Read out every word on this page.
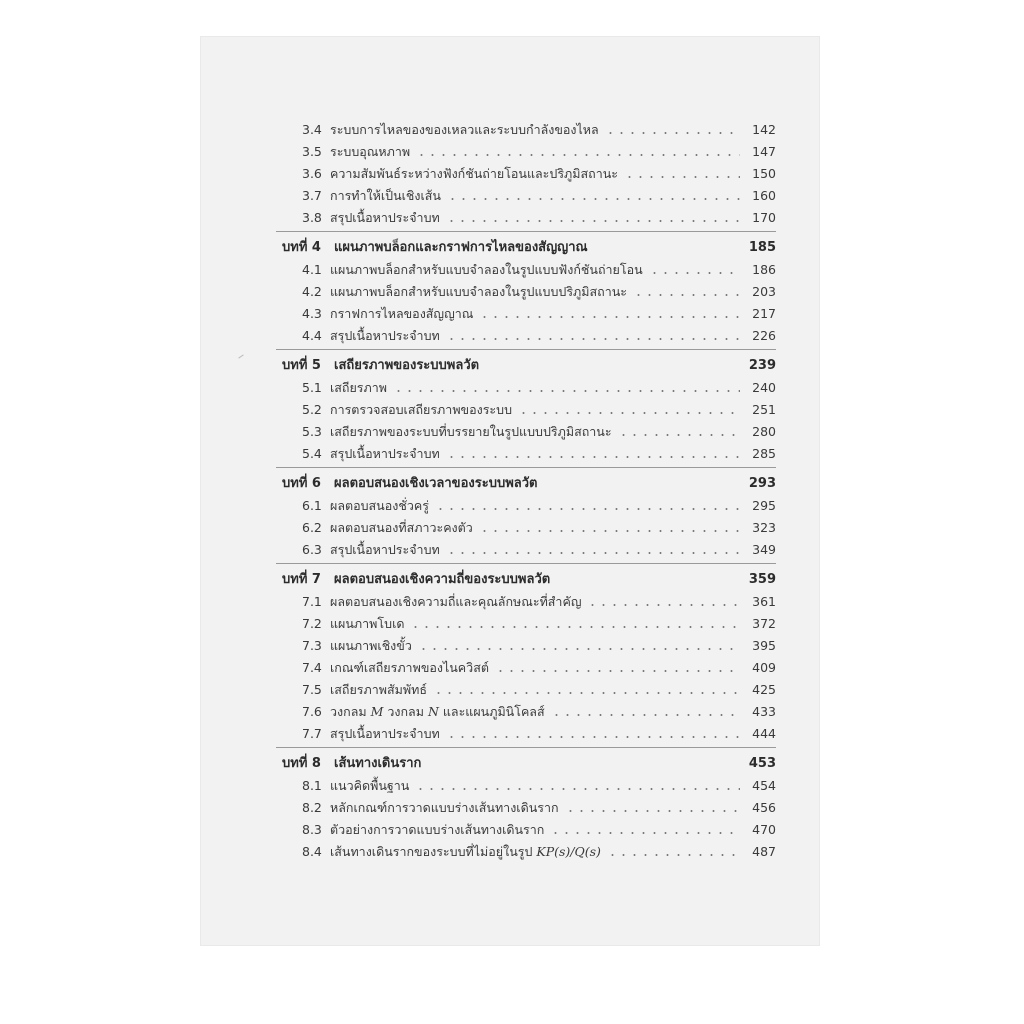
3.4 ระบบการไหลของของเหลวและระบบกำลังของไหล	142
3.5 ระบบอุณหภาพ	147
3.6 ความสัมพันธ์ระหว่างฟังก์ชันถ่ายโอนและปริภูมิสถานะ	150
3.7 การทำให้เป็นเชิงเส้น	160
3.8 สรุปเนื้อหาประจำบท	170
บทที่ 4	แผนภาพบล็อกและกราฟการไหลของสัญญาณ	185
4.1 แผนภาพบล็อกสำหรับแบบจำลองในรูปแบบฟังก์ชันถ่ายโอน	186
4.2 แผนภาพบล็อกสำหรับแบบจำลองในรูปแบบปริภูมิสถานะ	203
4.3 กราฟการไหลของสัญญาณ	217
4.4 สรุปเนื้อหาประจำบท	226
บทที่ 5	เสถียรภาพของระบบพลวัต	239
5.1 เสถียรภาพ	240
5.2 การตรวจสอบเสถียรภาพของระบบ	251
5.3 เสถียรภาพของระบบที่บรรยายในรูปแบบปริภูมิสถานะ	280
5.4 สรุปเนื้อหาประจำบท	285
บทที่ 6	ผลตอบสนองเชิงเวลาของระบบพลวัต	293
6.1 ผลตอบสนองชั่วครู่	295
6.2 ผลตอบสนองที่สภาวะคงตัว	323
6.3 สรุปเนื้อหาประจำบท	349
บทที่ 7	ผลตอบสนองเชิงความถี่ของระบบพลวัต	359
7.1 ผลตอบสนองเชิงความถี่และคุณลักษณะที่สำคัญ	361
7.2 แผนภาพโบเด	372
7.3 แผนภาพเชิงขั้ว	395
7.4 เกณฑ์เสถียรภาพของไนควิสต์	409
7.5 เสถียรภาพสัมพัทธ์	425
7.6 วงกลม M วงกลม N และแผนภูมินิโคลส์	433
7.7 สรุปเนื้อหาประจำบท	444
บทที่ 8	เส้นทางเดินราก	453
8.1 แนวคิดพื้นฐาน	454
8.2 หลักเกณฑ์การวาดแบบร่างเส้นทางเดินราก	456
8.3 ตัวอย่างการวาดแบบร่างเส้นทางเดินราก	470
8.4 เส้นทางเดินรากของระบบที่ไม่อยู่ในรูป KP(s)/Q(s)	487
